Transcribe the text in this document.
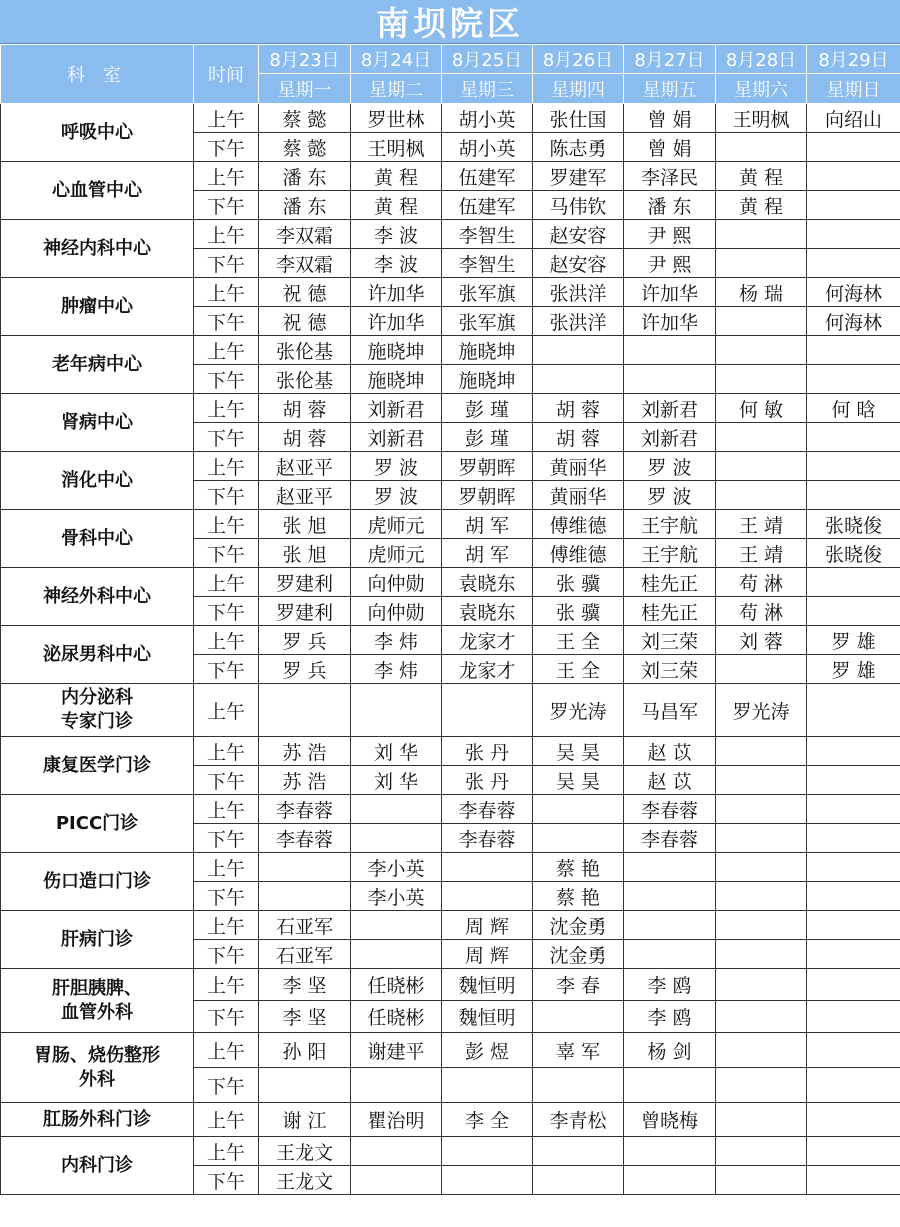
南坝院区
科 室	时间	8月23日	8月24日	8月25日	8月26日	8月27日	8月28日	8月29日
		星期一	星期二	星期三	星期四	星期五	星期六	星期日
呼吸中心	上午	蔡 懿	罗世林	胡小英	张仕国	曾 娟	王明枫	向绍山
	下午	蔡 懿	王明枫	胡小英	陈志勇	曾 娟		
心血管中心	上午	潘 东	黄 程	伍建军	罗建军	李泽民	黄 程	
	下午	潘 东	黄 程	伍建军	马伟钦	潘 东	黄 程	
神经内科中心	上午	李双霜	李 波	李智生	赵安容	尹 熙		
	下午	李双霜	李 波	李智生	赵安容	尹 熙		
肿瘤中心	上午	祝 德	许加华	张军旗	张洪洋	许加华	杨 瑞	何海林
	下午	祝 德	许加华	张军旗	张洪洋	许加华		何海林
老年病中心	上午	张伦基	施晓坤	施晓坤				
	下午	张伦基	施晓坤	施晓坤				
肾病中心	上午	胡 蓉	刘新君	彭 瑾	胡 蓉	刘新君	何 敏	何 晗
	下午	胡 蓉	刘新君	彭 瑾	胡 蓉	刘新君		
消化中心	上午	赵亚平	罗 波	罗朝晖	黄丽华	罗 波		
	下午	赵亚平	罗 波	罗朝晖	黄丽华	罗 波		
骨科中心	上午	张 旭	虎师元	胡 军	傅维德	王宇航	王 靖	张晓俊
	下午	张 旭	虎师元	胡 军	傅维德	王宇航	王 靖	张晓俊
神经外科中心	上午	罗建利	向仲勋	袁晓东	张 骥	桂先正	苟 淋	
	下午	罗建利	向仲勋	袁晓东	张 骥	桂先正	苟 淋	
泌尿男科中心	上午	罗 兵	李 炜	龙家才	王 全	刘三荣	刘 蓉	罗 雄
	下午	罗 兵	李 炜	龙家才	王 全	刘三荣		罗 雄

内分泌科
专家门诊	上午				罗光涛	马昌军	罗光涛	
康复医学门诊	上午	苏 浩	刘 华	张 丹	吴 昊	赵 苡		
	下午	苏 浩	刘 华	张 丹	吴 昊	赵 苡		
PICC门诊	上午	李春蓉		李春蓉		李春蓉		
	下午	李春蓉		李春蓉		李春蓉		
伤口造口门诊	上午		李小英		蔡 艳			
	下午		李小英		蔡 艳			
肝病门诊	上午	石亚军		周 辉	沈金勇			
	下午	石亚军		周 辉	沈金勇			

肝胆胰脾、
血管外科	上午	李 坚	任晓彬	魏恒明	李 春	李 鸥		
	下午	李 坚	任晓彬	魏恒明		李 鸥		

胃肠、烧伤整形
外科	上午	孙 阳	谢建平	彭 煜	辜 军	杨 剑		
	下午							
肛肠外科门诊	上午	谢 江	瞿治明	李 全	李青松	曾晓梅		
内科门诊	上午	王龙文						
	下午	王龙文						
